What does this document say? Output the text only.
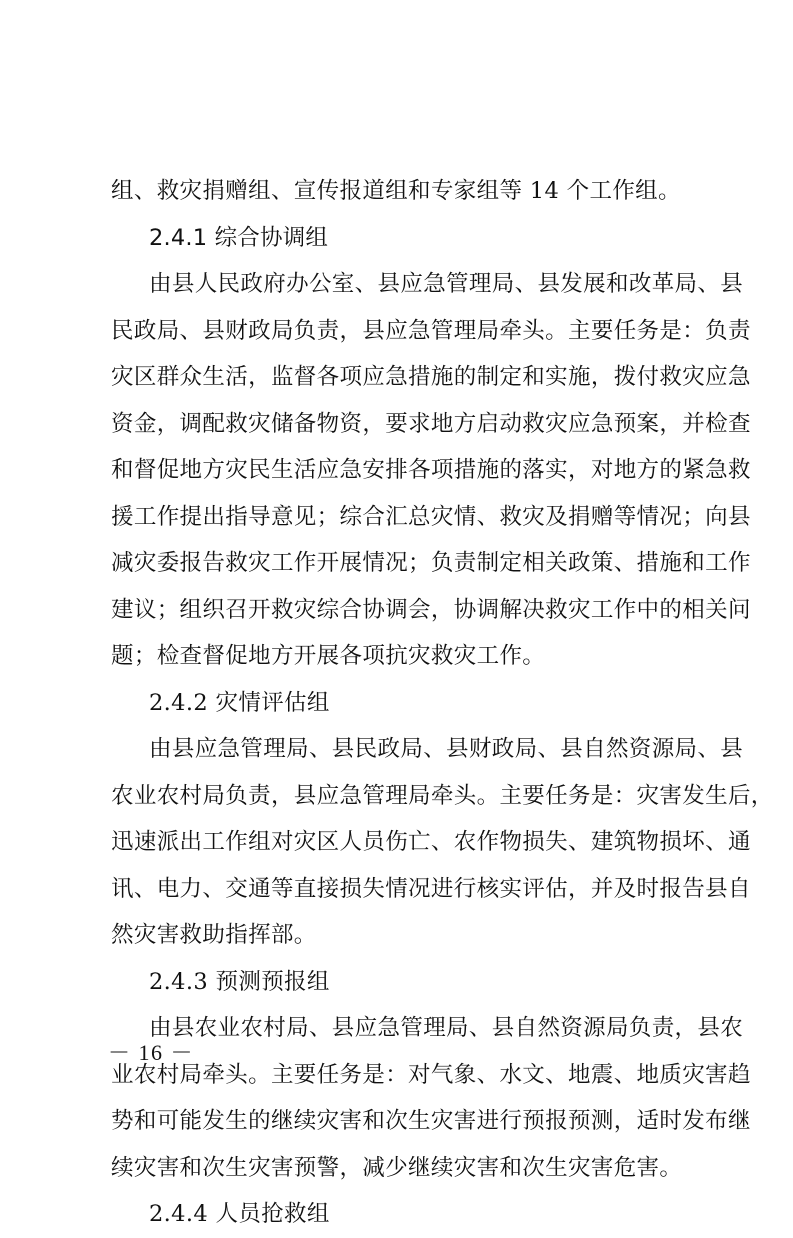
组、救灾捐赠组、宣传报道组和专家组等 14 个工作组。
2.4.1 综合协调组
由县人民政府办公室、县应急管理局、县发展和改革局、县
民政局、县财政局负责，县应急管理局牵头。主要任务是：负责
灾区群众生活，监督各项应急措施的制定和实施，拨付救灾应急
资金，调配救灾储备物资，要求地方启动救灾应急预案，并检查
和督促地方灾民生活应急安排各项措施的落实，对地方的紧急救
援工作提出指导意见；综合汇总灾情、救灾及捐赠等情况；向县
减灾委报告救灾工作开展情况；负责制定相关政策、措施和工作
建议；组织召开救灾综合协调会，协调解决救灾工作中的相关问
题；检查督促地方开展各项抗灾救灾工作。
2.4.2 灾情评估组
由县应急管理局、县民政局、县财政局、县自然资源局、县
农业农村局负责，县应急管理局牵头。主要任务是：灾害发生后，
迅速派出工作组对灾区人员伤亡、农作物损失、建筑物损坏、通
讯、电力、交通等直接损失情况进行核实评估，并及时报告县自
然灾害救助指挥部。
2.4.3 预测预报组
由县农业农村局、县应急管理局、县自然资源局负责，县农
业农村局牵头。主要任务是：对气象、水文、地震、地质灾害趋
势和可能发生的继续灾害和次生灾害进行预报预测，适时发布继
续灾害和次生灾害预警，减少继续灾害和次生灾害危害。
2.4.4 人员抢救组
－ 16 －
